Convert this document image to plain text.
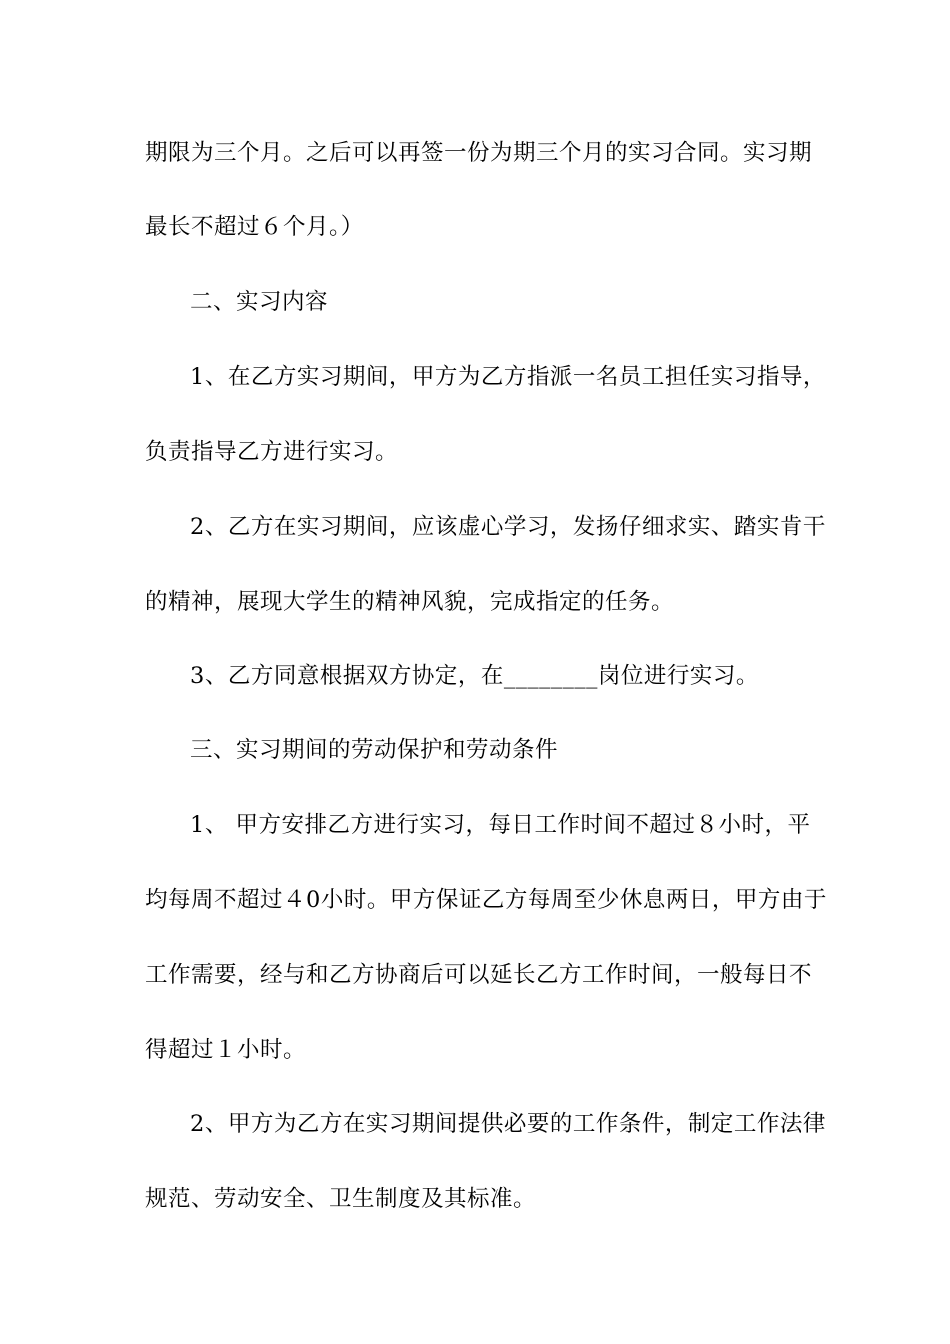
期限为三个月。之后可以再签一份为期三个月的实习合同。实习期
最长不超过６个月。）
二、实习内容
1、在乙方实习期间，甲方为乙方指派一名员工担任实习指导，
负责指导乙方进行实习。
2、乙方在实习期间，应该虚心学习，发扬仔细求实、踏实肯干
的精神，展现大学生的精神风貌，完成指定的任务。
3、乙方同意根据双方协定，在________岗位进行实习。
三、实习期间的劳动保护和劳动条件
1、 甲方安排乙方进行实习，每日工作时间不超过８小时，平
均每周不超过４0小时。甲方保证乙方每周至少休息两日，甲方由于
工作需要，经与和乙方协商后可以延长乙方工作时间，一般每日不
得超过１小时。
2、甲方为乙方在实习期间提供必要的工作条件，制定工作法律
规范、劳动安全、卫生制度及其标准。
